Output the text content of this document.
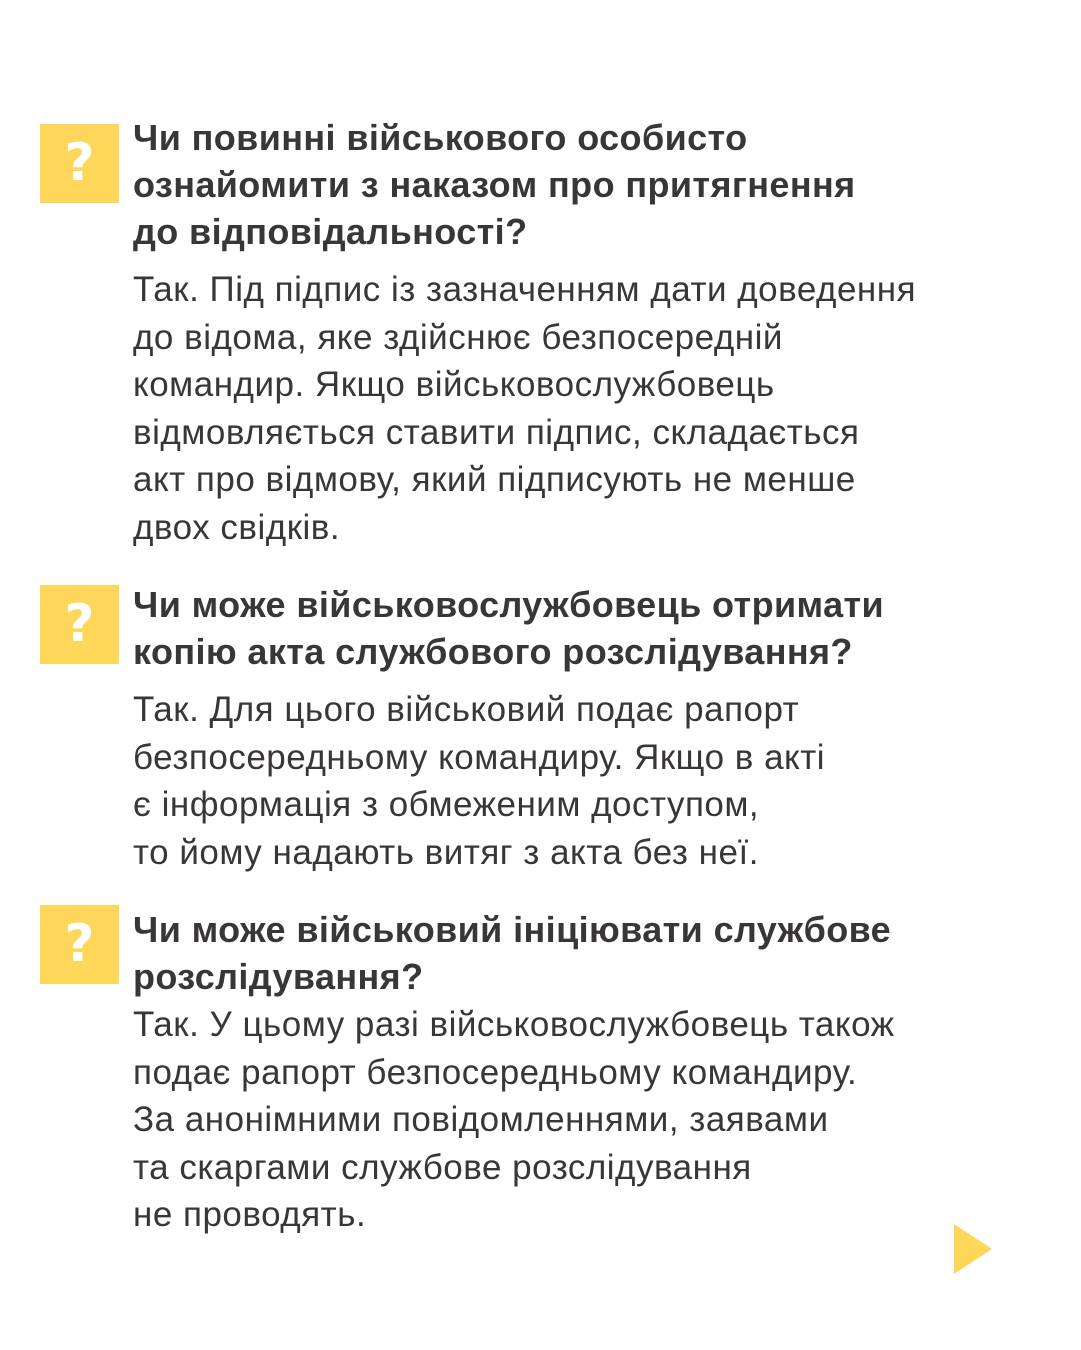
?	Чи повинні військового особисто
ознайомити з наказом про притягнення
до відповідальності?

Так. Під підпис із зазначенням дати доведення
до відома, яке здійснює безпосередній
командир. Якщо військовослужбовець
відмовляється ставити підпис, складається
акт про відмову, який підписують не менше
двох свідків.

?	Чи може військовослужбовець отримати
копію акта службового розслідування?

Так. Для цього військовий подає рапорт
безпосередньому командиру. Якщо в акті
є інформація з обмеженим доступом,
то йому надають витяг з акта без неї.

?	Чи може військовий ініціювати службове
розслідування?

Так. У цьому разі військовослужбовець також
подає рапорт безпосередньому командиру.
За анонімними повідомленнями, заявами
та скаргами службове розслідування
не проводять.
